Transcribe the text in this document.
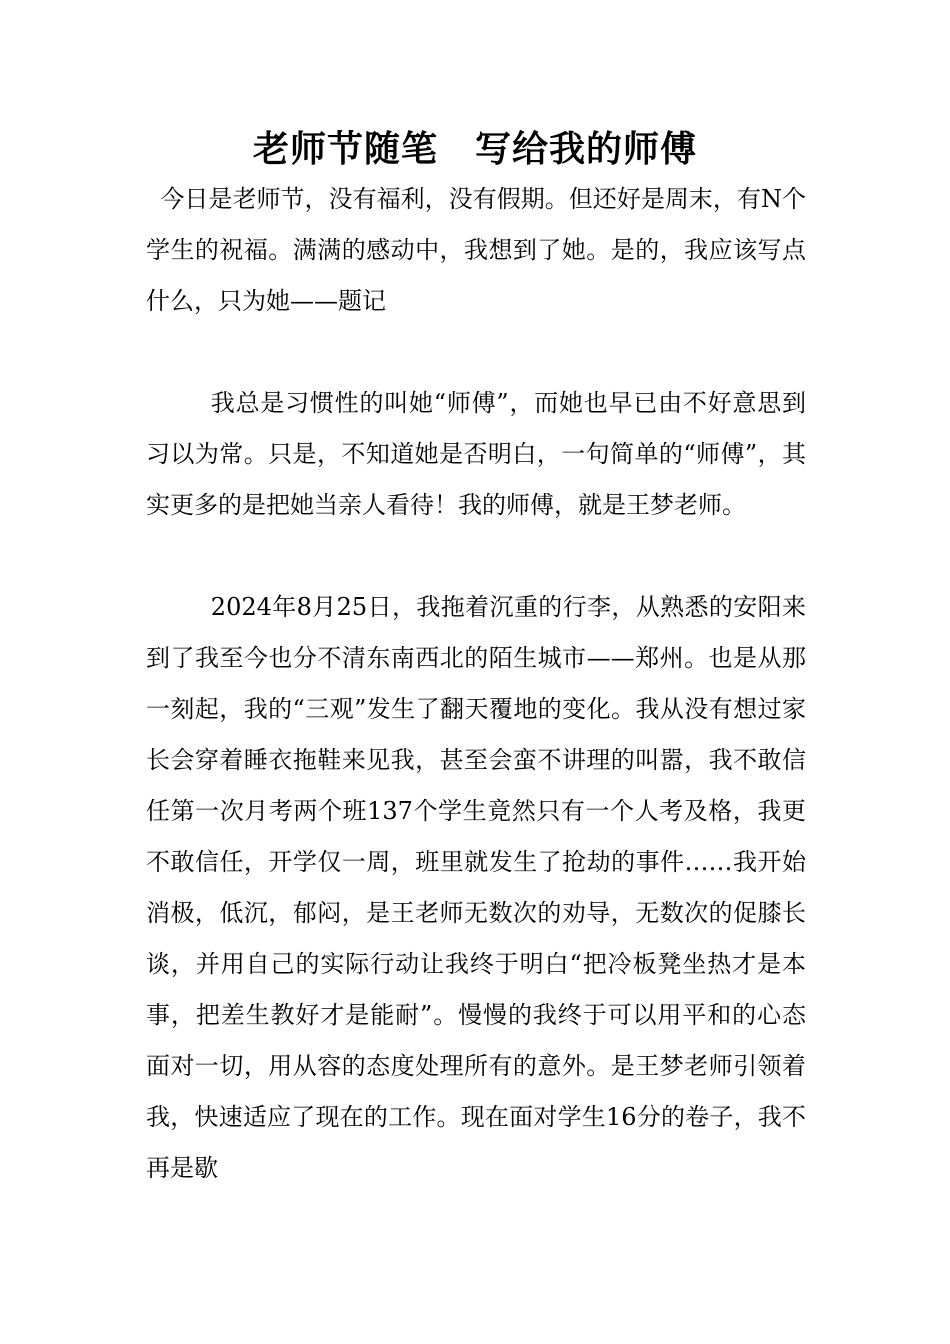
老师节随笔　写给我的师傅

今日是老师节，没有福利，没有假期。但还好是周末，有N个学生的祝福。满满的感动中，我想到了她。是的，我应该写点什么，只为她——题记

我总是习惯性的叫她“师傅”，而她也早已由不好意思到习以为常。只是，不知道她是否明白，一句简单的“师傅”，其实更多的是把她当亲人看待！我的师傅，就是王梦老师。

2024年8月25日，我拖着沉重的行李，从熟悉的安阳来到了我至今也分不清东南西北的陌生城市——郑州。也是从那一刻起，我的“三观”发生了翻天覆地的变化。我从没有想过家长会穿着睡衣拖鞋来见我，甚至会蛮不讲理的叫嚣，我不敢信任第一次月考两个班137个学生竟然只有一个人考及格，我更不敢信任，开学仅一周，班里就发生了抢劫的事件……我开始消极，低沉，郁闷，是王老师无数次的劝导，无数次的促膝长谈，并用自己的实际行动让我终于明白“把冷板凳坐热才是本事，把差生教好才是能耐”。慢慢的我终于可以用平和的心态面对一切，用从容的态度处理所有的意外。是王梦老师引领着我，快速适应了现在的工作。现在面对学生16分的卷子，我不再是歇
